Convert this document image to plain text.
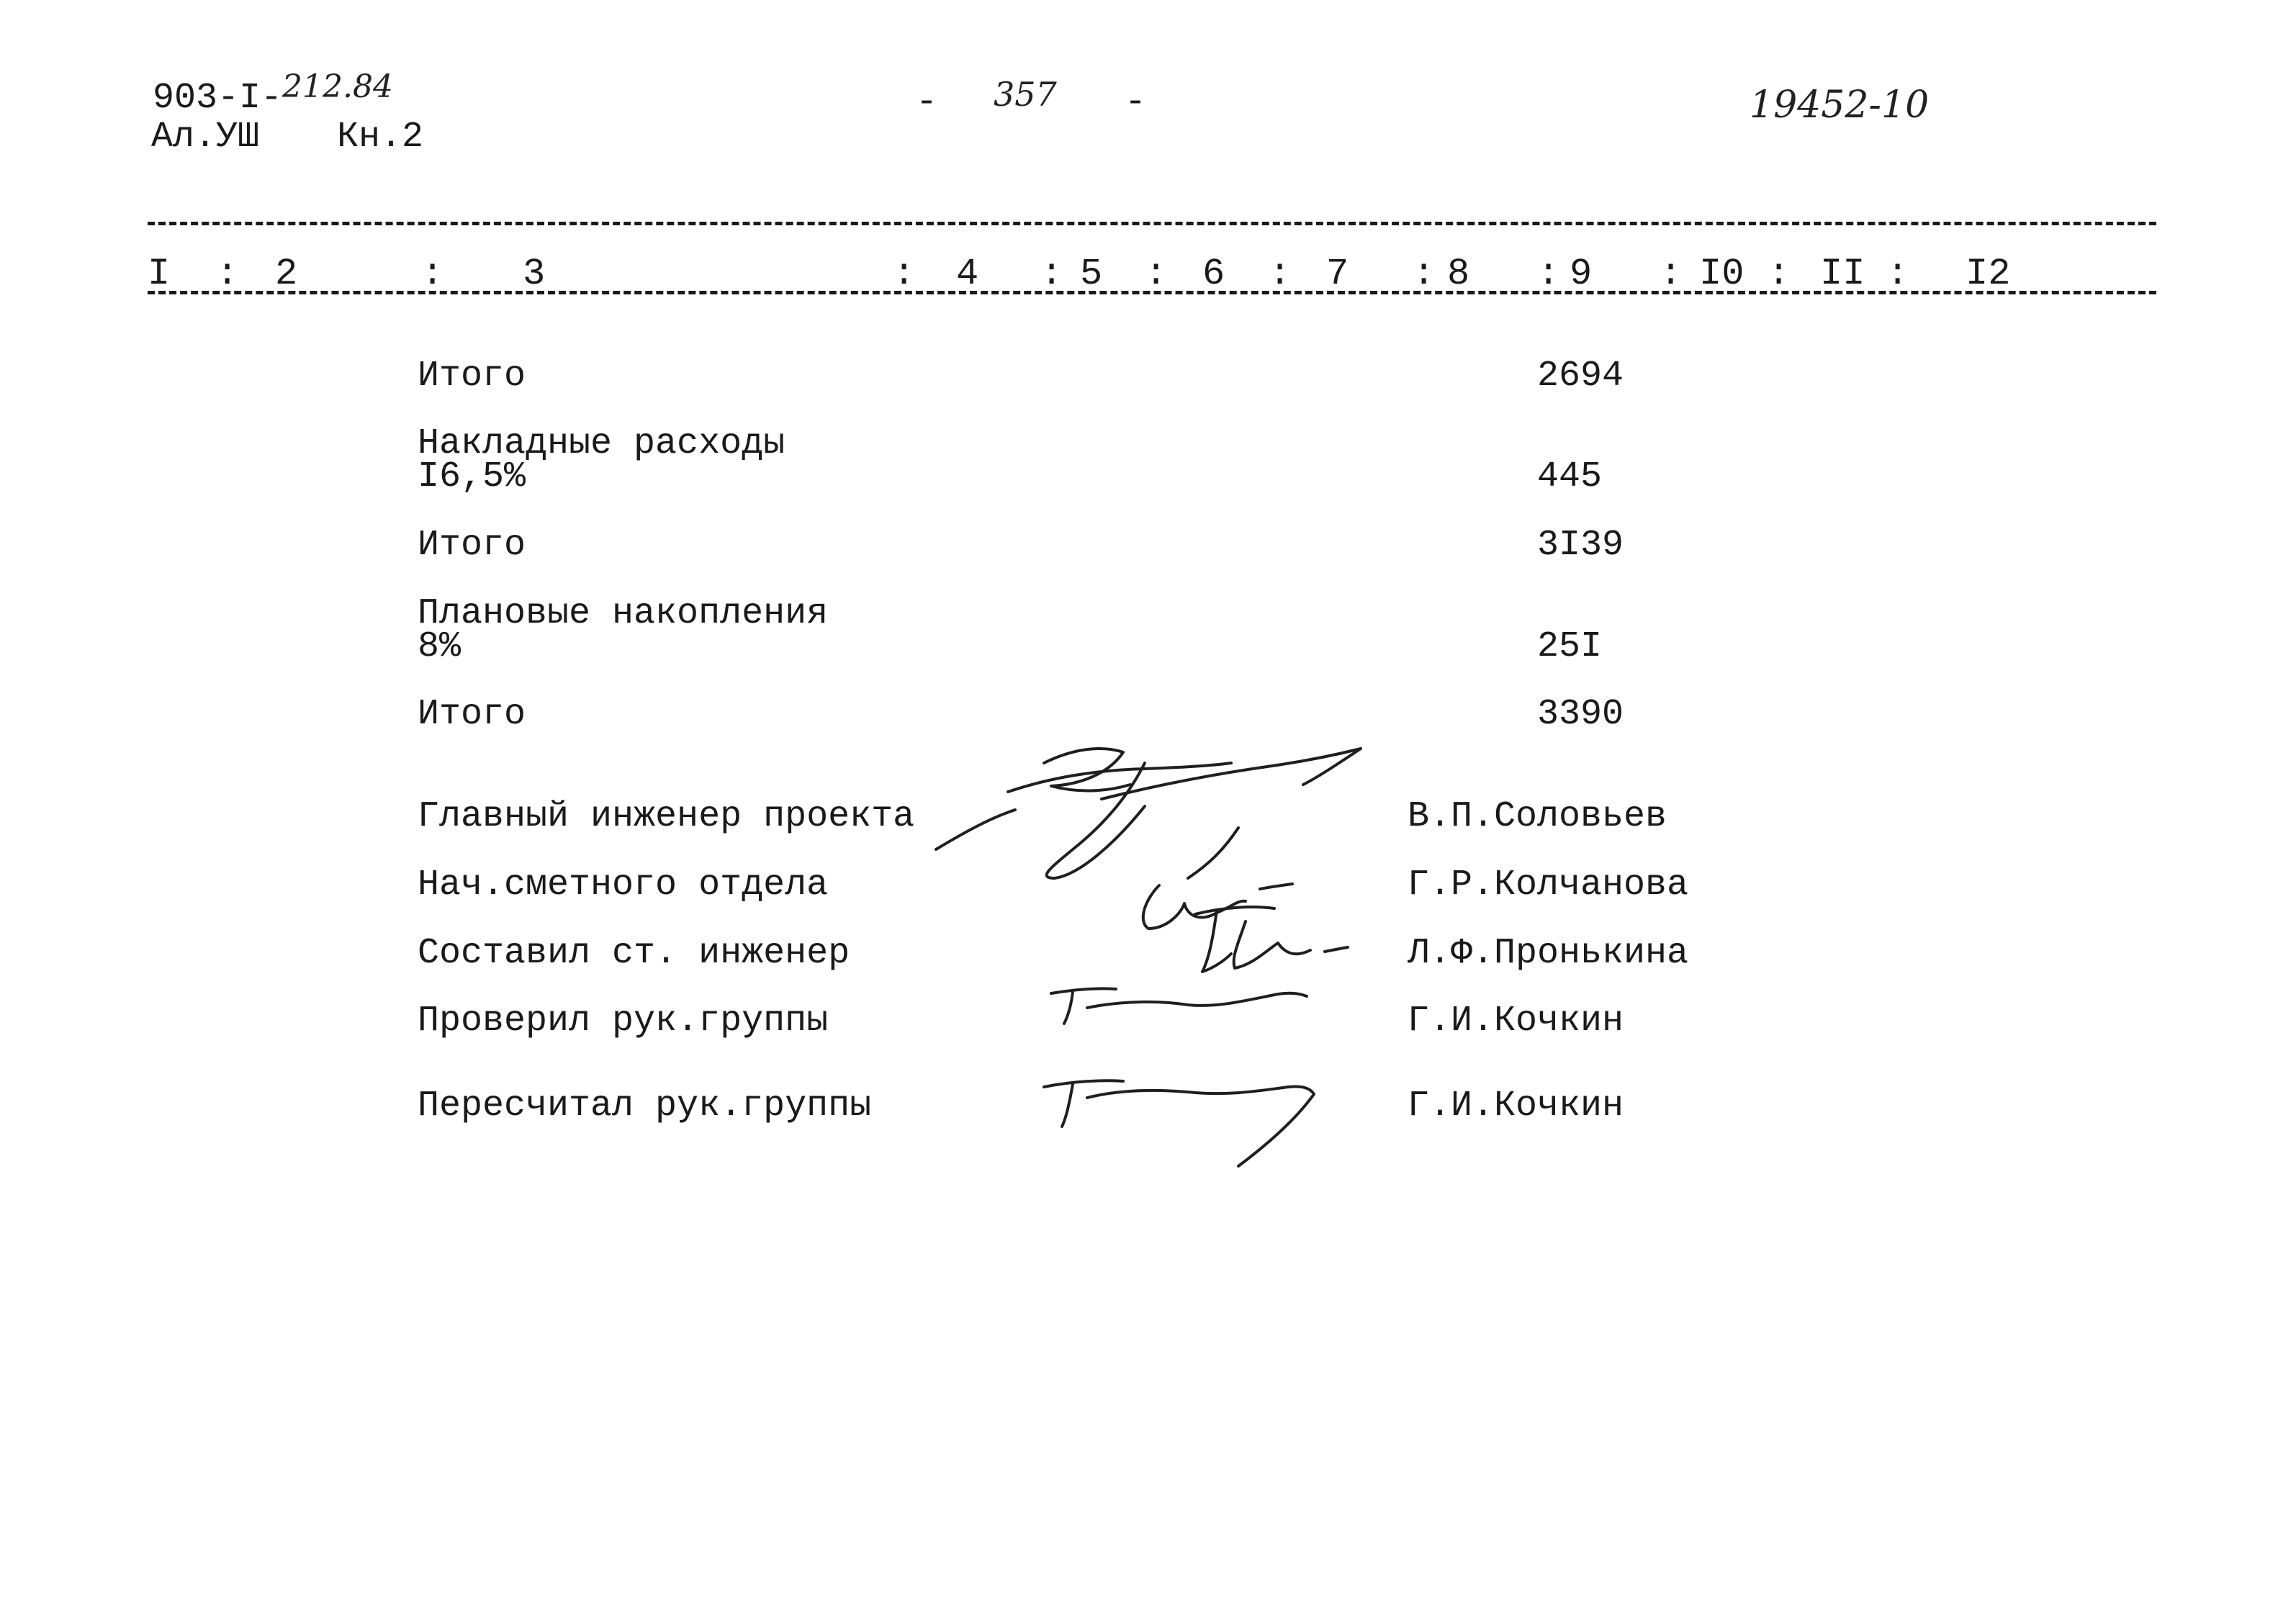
903-I-212.84
Ал.УШ Кн.2
- 357 -	19452-10
I : 2	: 3	: 4 : 5 : 6 : 7 : 8 : 9 : I0 : II : I2
Итого	2694
Накладные расходы
I6,5%	445
Итого	3I39
Плановые накопления
8%	25I
Итого	3390
Главный инженер проекта	В.П.Соловьев
Нач.сметного отдела	Г.Р.Колчанова
Составил ст. инженер	Л.Ф.Пронькина
Проверил рук.группы	Г.И.Кочкин
Пересчитал рук.группы	Г.И.Кочкин
